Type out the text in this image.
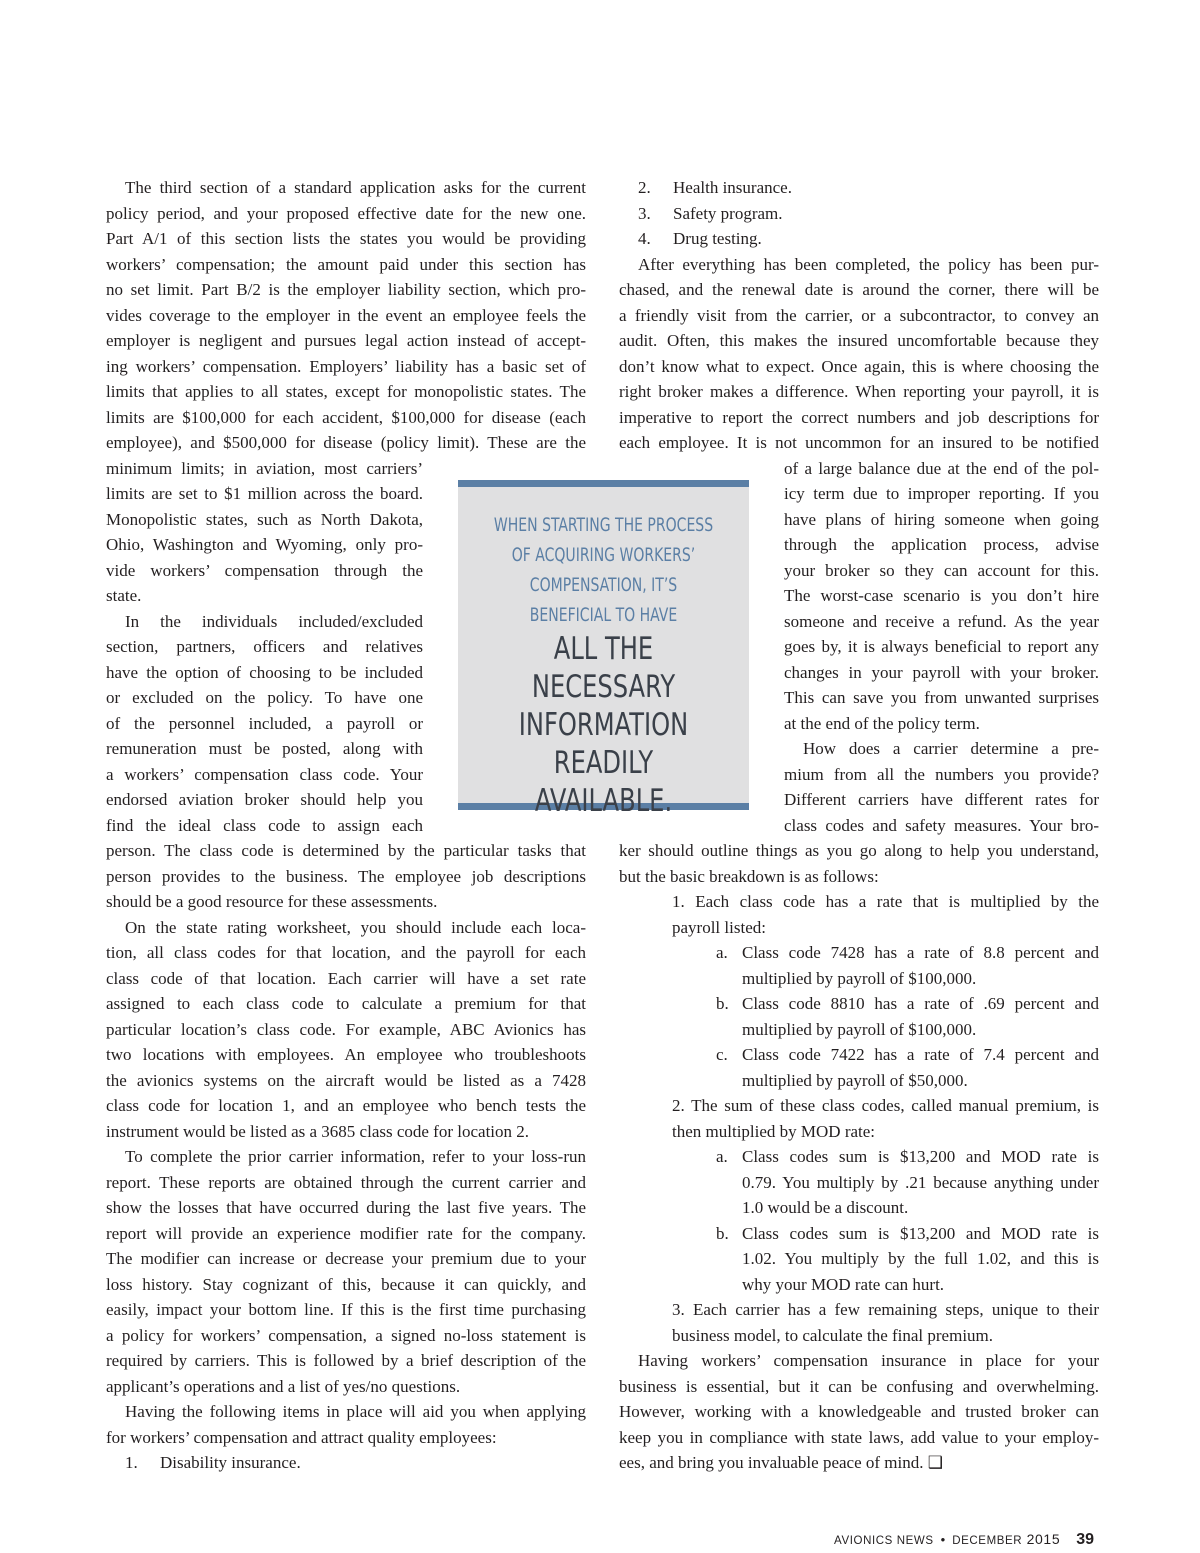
The third section of a standard application asks for the current
policy period, and your proposed effective date for the new one.
Part A/1 of this section lists the states you would be providing
workers’ compensation; the amount paid under this section has
no set limit. Part B/2 is the employer liability section, which pro-
vides coverage to the employer in the event an employee feels the
employer is negligent and pursues legal action instead of accept-
ing workers’ compensation. Employers’ liability has a basic set of
limits that applies to all states, except for monopolistic states. The
limits are $100,000 for each accident, $100,000 for disease (each
employee), and $500,000 for disease (policy limit). These are the
minimum limits; in aviation, most carriers’
limits are set to $1 million across the board.
Monopolistic states, such as North Dakota,
Ohio, Washington and Wyoming, only pro-
vide workers’ compensation through the
state.
In the individuals included/excluded
section, partners, officers and relatives
have the option of choosing to be included
or excluded on the policy. To have one
of the personnel included, a payroll or
remuneration must be posted, along with
a workers’ compensation class code. Your
endorsed aviation broker should help you
find the ideal class code to assign each
person. The class code is determined by the particular tasks that
person provides to the business. The employee job descriptions
should be a good resource for these assessments.
On the state rating worksheet, you should include each loca-
tion, all class codes for that location, and the payroll for each
class code of that location. Each carrier will have a set rate
assigned to each class code to calculate a premium for that
particular location’s class code. For example, ABC Avionics has
two locations with employees. An employee who troubleshoots
the avionics systems on the aircraft would be listed as a 7428
class code for location 1, and an employee who bench tests the
instrument would be listed as a 3685 class code for location 2.
To complete the prior carrier information, refer to your loss-run
report. These reports are obtained through the current carrier and
show the losses that have occurred during the last five years. The
report will provide an experience modifier rate for the company.
The modifier can increase or decrease your premium due to your
loss history. Stay cognizant of this, because it can quickly, and
easily, impact your bottom line. If this is the first time purchasing
a policy for workers’ compensation, a signed no-loss statement is
required by carriers. This is followed by a brief description of the
applicant’s operations and a list of yes/no questions.
Having the following items in place will aid you when applying
for workers’ compensation and attract quality employees:
1. Disability insurance.
2. Health insurance.
3. Safety program.
4. Drug testing.
After everything has been completed, the policy has been pur-
chased, and the renewal date is around the corner, there will be
a friendly visit from the carrier, or a subcontractor, to convey an
audit. Often, this makes the insured uncomfortable because they
don’t know what to expect. Once again, this is where choosing the
right broker makes a difference. When reporting your payroll, it is
imperative to report the correct numbers and job descriptions for
each employee. It is not uncommon for an insured to be notified
of a large balance due at the end of the pol-
icy term due to improper reporting. If you
have plans of hiring someone when going
through the application process, advise
your broker so they can account for this.
The worst-case scenario is you don’t hire
someone and receive a refund. As the year
goes by, it is always beneficial to report any
changes in your payroll with your broker.
This can save you from unwanted surprises
at the end of the policy term.
How does a carrier determine a pre-
mium from all the numbers you provide?
Different carriers have different rates for
class codes and safety measures. Your bro-
ker should outline things as you go along to help you understand,
but the basic breakdown is as follows:
1. Each class code has a rate that is multiplied by the
payroll listed:
a. Class code 7428 has a rate of 8.8 percent and
multiplied by payroll of $100,000.
b. Class code 8810 has a rate of .69 percent and
multiplied by payroll of $100,000.
c. Class code 7422 has a rate of 7.4 percent and
multiplied by payroll of $50,000.
2. The sum of these class codes, called manual premium, is
then multiplied by MOD rate:
a. Class codes sum is $13,200 and MOD rate is
0.79. You multiply by .21 because anything under
1.0 would be a discount.
b. Class codes sum is $13,200 and MOD rate is
1.02. You multiply by the full 1.02, and this is
why your MOD rate can hurt.
3. Each carrier has a few remaining steps, unique to their
business model, to calculate the final premium.
Having workers’ compensation insurance in place for your
business is essential, but it can be confusing and overwhelming.
However, working with a knowledgeable and trusted broker can
keep you in compliance with state laws, add value to your employ-
ees, and bring you invaluable peace of mind. ❑
WHEN STARTING THE PROCESS
OF ACQUIRING WORKERS’
COMPENSATION, IT’S
BENEFICIAL TO HAVE
ALL THE
NECESSARY
INFORMATION
READILY AVAILABLE.
AVIONICS NEWS • DECEMBER 2015 39
